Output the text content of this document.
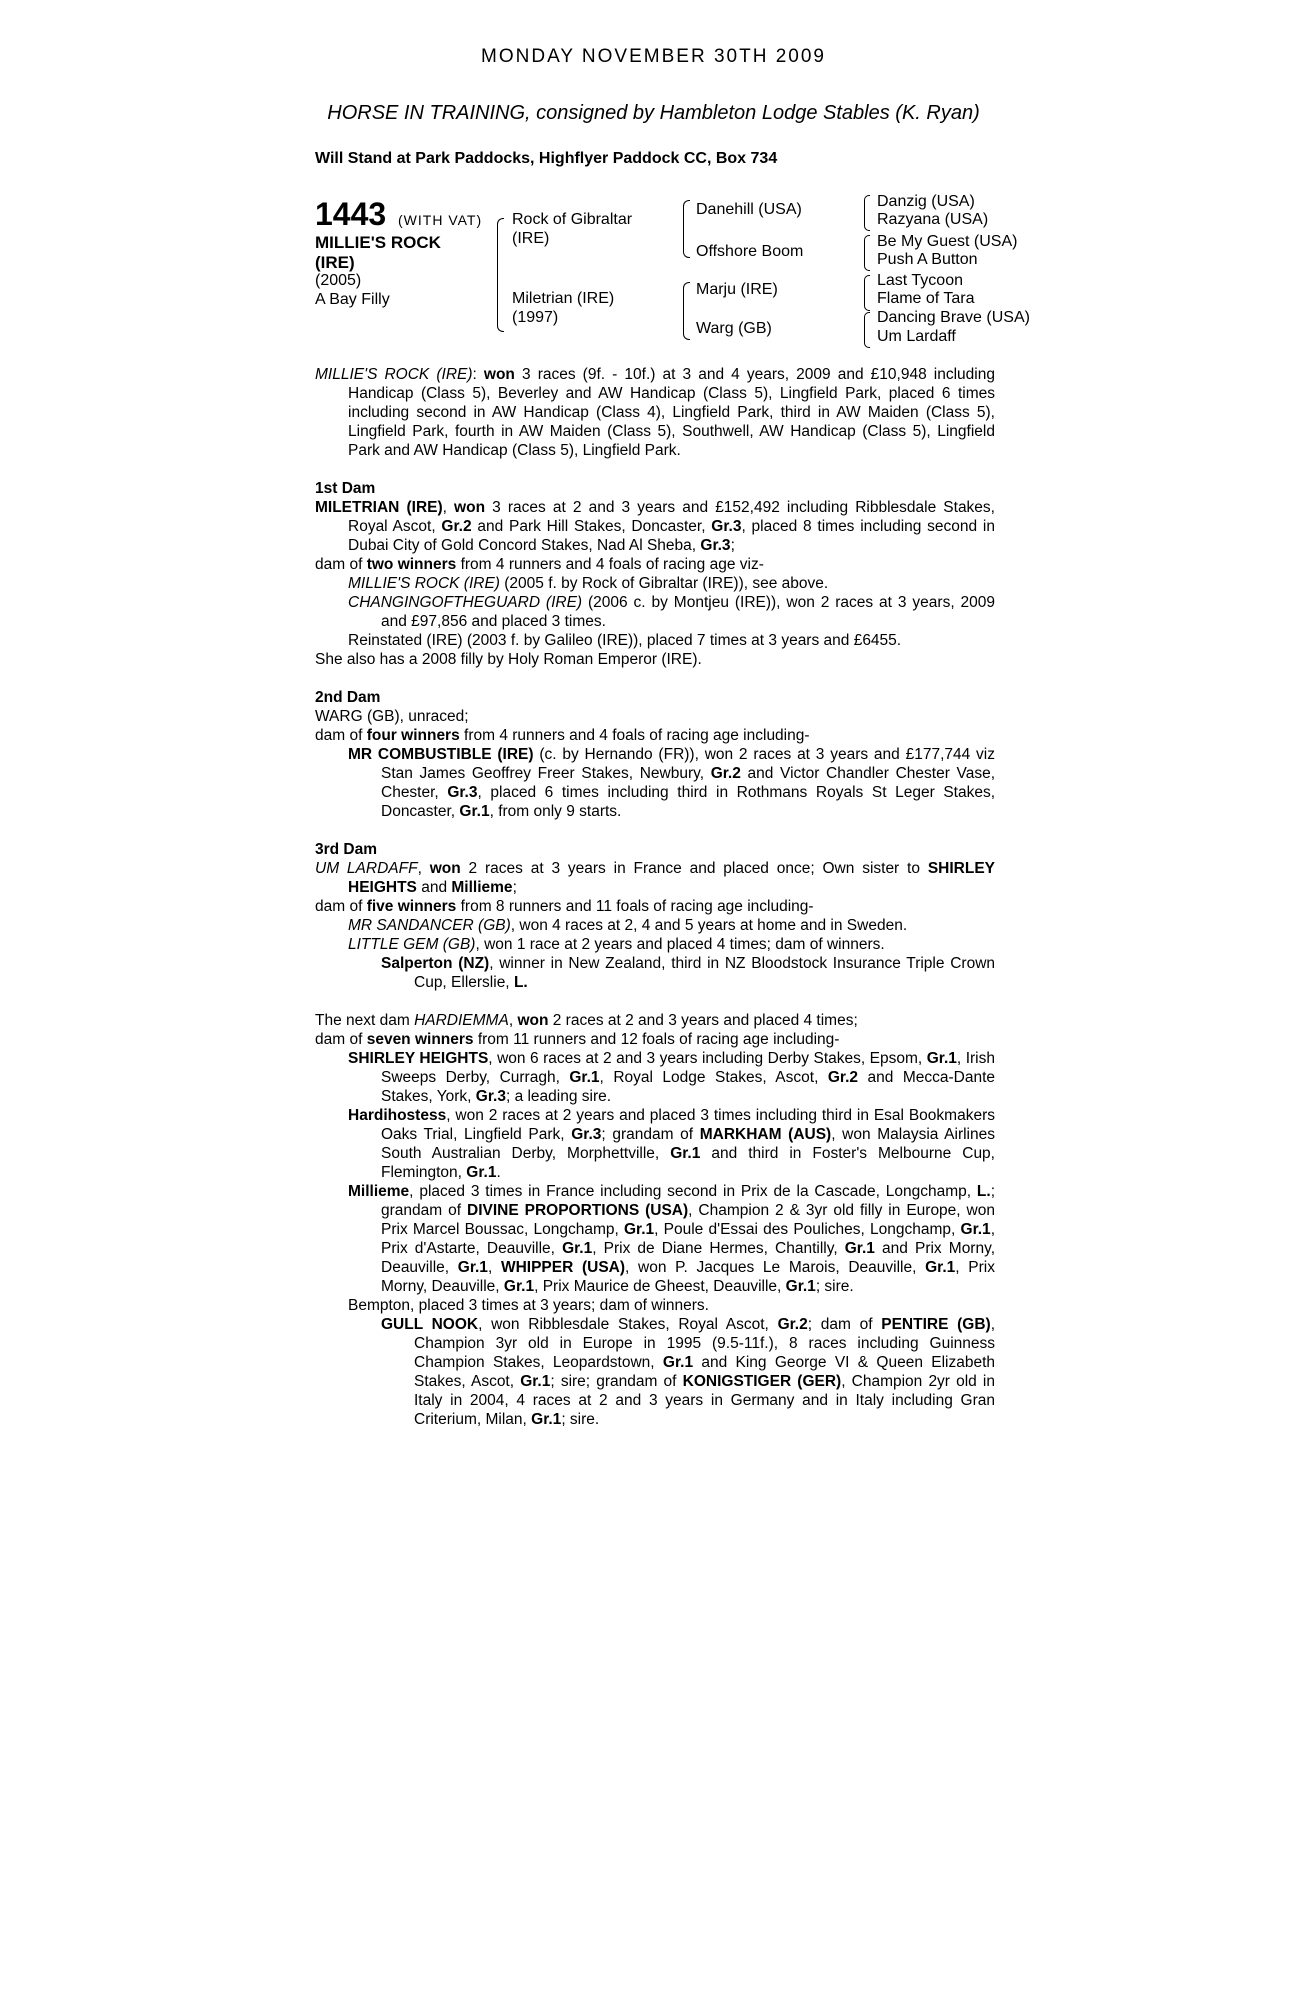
MONDAY NOVEMBER 30TH 2009
HORSE IN TRAINING, consigned by Hambleton Lodge Stables (K. Ryan)
Will Stand at Park Paddocks, Highflyer Paddock CC, Box 734
1443 (WITH VAT)
MILLIE'S ROCK
(IRE)
(2005)
A Bay Filly
Rock of Gibraltar
(IRE)
Miletrian (IRE)
(1997)
Danehill (USA)
Offshore Boom
Marju (IRE)
Warg (GB)
Danzig (USA)
Razyana (USA)
Be My Guest (USA)
Push A Button
Last Tycoon
Flame of Tara
Dancing Brave (USA)
Um Lardaff

MILLIE'S ROCK (IRE): won 3 races (9f. - 10f.) at 3 and 4 years, 2009 and £10,948 including Handicap (Class 5), Beverley and AW Handicap (Class 5), Lingfield Park, placed 6 times including second in AW Handicap (Class 4), Lingfield Park, third in AW Maiden (Class 5), Lingfield Park, fourth in AW Maiden (Class 5), Southwell, AW Handicap (Class 5), Lingfield Park and AW Handicap (Class 5), Lingfield Park.

1st Dam

MILETRIAN (IRE), won 3 races at 2 and 3 years and £152,492 including Ribblesdale Stakes, Royal Ascot, Gr.2 and Park Hill Stakes, Doncaster, Gr.3, placed 8 times including second in Dubai City of Gold Concord Stakes, Nad Al Sheba, Gr.3;

dam of two winners from 4 runners and 4 foals of racing age viz-

MILLIE'S ROCK (IRE) (2005 f. by Rock of Gibraltar (IRE)), see above.

CHANGINGOFTHEGUARD (IRE) (2006 c. by Montjeu (IRE)), won 2 races at 3 years, 2009 and £97,856 and placed 3 times.

Reinstated (IRE) (2003 f. by Galileo (IRE)), placed 7 times at 3 years and £6455.

She also has a 2008 filly by Holy Roman Emperor (IRE).

2nd Dam

WARG (GB), unraced;

dam of four winners from 4 runners and 4 foals of racing age including-

MR COMBUSTIBLE (IRE) (c. by Hernando (FR)), won 2 races at 3 years and £177,744 viz Stan James Geoffrey Freer Stakes, Newbury, Gr.2 and Victor Chandler Chester Vase, Chester, Gr.3, placed 6 times including third in Rothmans Royals St Leger Stakes, Doncaster, Gr.1, from only 9 starts.

3rd Dam

UM LARDAFF, won 2 races at 3 years in France and placed once; Own sister to SHIRLEY HEIGHTS and Millieme;

dam of five winners from 8 runners and 11 foals of racing age including-

MR SANDANCER (GB), won 4 races at 2, 4 and 5 years at home and in Sweden.

LITTLE GEM (GB), won 1 race at 2 years and placed 4 times; dam of winners.

Salperton (NZ), winner in New Zealand, third in NZ Bloodstock Insurance Triple Crown Cup, Ellerslie, L.

The next dam HARDIEMMA, won 2 races at 2 and 3 years and placed 4 times;

dam of seven winners from 11 runners and 12 foals of racing age including-

SHIRLEY HEIGHTS, won 6 races at 2 and 3 years including Derby Stakes, Epsom, Gr.1, Irish Sweeps Derby, Curragh, Gr.1, Royal Lodge Stakes, Ascot, Gr.2 and Mecca-Dante Stakes, York, Gr.3; a leading sire.

Hardihostess, won 2 races at 2 years and placed 3 times including third in Esal Bookmakers Oaks Trial, Lingfield Park, Gr.3; grandam of MARKHAM (AUS), won Malaysia Airlines South Australian Derby, Morphettville, Gr.1 and third in Foster's Melbourne Cup, Flemington, Gr.1.

Millieme, placed 3 times in France including second in Prix de la Cascade, Longchamp, L.; grandam of DIVINE PROPORTIONS (USA), Champion 2 & 3yr old filly in Europe, won Prix Marcel Boussac, Longchamp, Gr.1, Poule d'Essai des Pouliches, Longchamp, Gr.1, Prix d'Astarte, Deauville, Gr.1, Prix de Diane Hermes, Chantilly, Gr.1 and Prix Morny, Deauville, Gr.1, WHIPPER (USA), won P. Jacques Le Marois, Deauville, Gr.1, Prix Morny, Deauville, Gr.1, Prix Maurice de Gheest, Deauville, Gr.1; sire.

Bempton, placed 3 times at 3 years; dam of winners.

GULL NOOK, won Ribblesdale Stakes, Royal Ascot, Gr.2; dam of PENTIRE (GB), Champion 3yr old in Europe in 1995 (9.5-11f.), 8 races including Guinness Champion Stakes, Leopardstown, Gr.1 and King George VI & Queen Elizabeth Stakes, Ascot, Gr.1; sire; grandam of KONIGSTIGER (GER), Champion 2yr old in Italy in 2004, 4 races at 2 and 3 years in Germany and in Italy including Gran Criterium, Milan, Gr.1; sire.
